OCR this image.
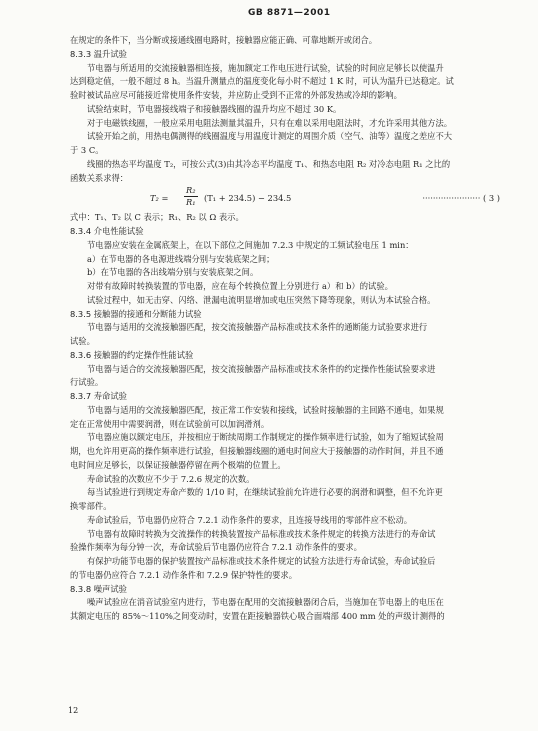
GB 8871—2001
在规定的条件下，当分断或接通线圈电路时，接触器应能正确、可靠地断开或闭合。
8.3.3 温升试验
节电器与所适用的交流接触器相连接，施加额定工作电压进行试验，试验的时间应足够长以使温升
达到稳定值，一般不超过 8 h。当温升测量点的温度变化每小时不超过 1 K 时，可认为温升已达稳定。试
验时被试品应尽可能接近常使用条件安装，并应防止受到不正常的外部发热或冷却的影响。
试验结束时，节电器接线端子和接触器线圈的温升均应不超过 30 K。
对于电磁铁线圈，一般应采用电阻法测量其温升，只有在难以采用电阻法时，才允许采用其他方法。
试验开始之前，用热电偶测得的线圈温度与用温度计测定的周围介质（空气、油等）温度之差应不大
于 3 C。
线圈的热态平均温度 T₂，可按公式(3)由其冷态平均温度 T₁、和热态电阻 R₂ 对冷态电阻 R₁ 之比的
函数关系求得：
$T_2 = \frac{\text{R₂}}{\text{R₁}} (T_1 + 234.5) - 234.5$	······················ ( 3 )
式中：T₁、T₂ 以 C 表示；R₁、R₂ 以 Ω 表示。
8.3.4 介电性能试验
节电器应安装在金属底架上，在以下部位之间施加 7.2.3 中规定的工频试验电压 1 min：
a）在节电器的各电源进线端分别与安装底架之间；
b）在节电器的各出线端分别与安装底架之间。
对带有故障时转换装置的节电器，应在每个转换位置上分别进行 a）和 b）的试验。
试验过程中，如无击穿、闪络、泄漏电流明显增加或电压突然下降等现象，则认为本试验合格。
8.3.5 接触器的接通和分断能力试验
节电器与适用的交流接触器匹配，按交流接触器产品标准或技术条件的通断能力试验要求进行
试验。
8.3.6 接触器的约定操作性能试验
节电器与适合的交流接触器匹配，按交流接触器产品标准或技术条件的约定操作性能试验要求进
行试验。
8.3.7 寿命试验
节电器与适用的交流接触器匹配，按正常工作安装和接线，试验时接触器的主回路不通电，如果规
定在正常使用中需要润滑，则在试验前可以加润滑剂。
节电器应施以额定电压，并按相应于断续周期工作制规定的操作频率进行试验，如为了缩短试验周
期，也允许用更高的操作频率进行试验，但接触器线圈的通电时间应大于接触器的动作时间，并且不通
电时间应足够长，以保证接触器停留在两个极端的位置上。
寿命试验的次数应不少于 7.2.6 规定的次数。
每当试验进行到规定寿命产数的 1/10 时，在继续试验前允许进行必要的润滑和调整，但不允许更
换零部件。
寿命试验后，节电器仍应符合 7.2.1 动作条件的要求，且连接导线用的零部件应不松动。
节电器有故障时转换为交流操作的转换装置按产品标准或技术条件规定的转换方法进行的寿命试
验操作频率为每分钟一次，寿命试验后节电器仍应符合 7.2.1 动作条件的要求。
有保护功能节电器的保护装置按产品标准或技术条件规定的试验方法进行寿命试验，寿命试验后
的节电器仍应符合 7.2.1 动作条件和 7.2.9 保护特性的要求。
8.3.8 噪声试验
噪声试验应在消音试验室内进行，节电器在配用的交流接触器闭合后，当施加在节电器上的电压在
其额定电压的 85%～110%之间变动时，安置在距接触器铁心吸合面端部 400 mm 处的声级计测得的
12
